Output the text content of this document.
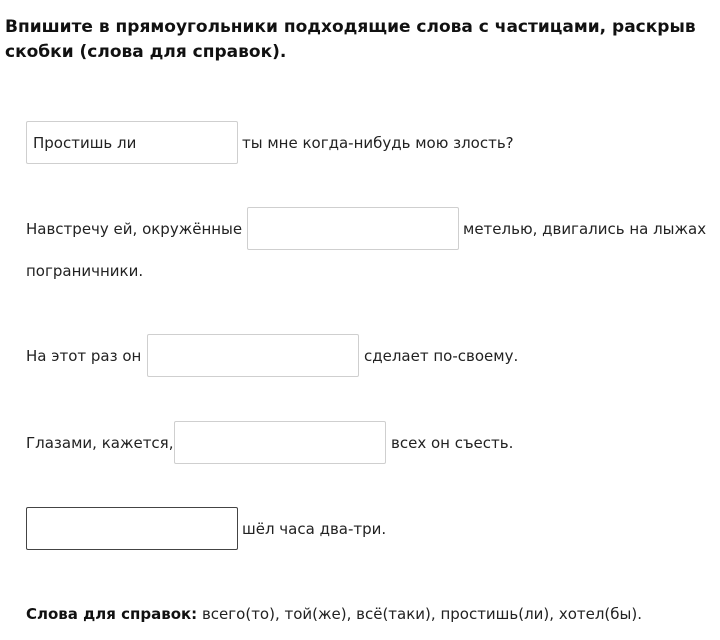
Впишите в прямоугольники подходящие слова с частицами, раскрыв скобки (слова для справок).
Простишь ли
ты мне когда-нибудь мою злость?
Навстречу ей, окружённые	метелью, двигались на лыжах
пограничники.
На этот раз он	сделает по-своему.
Глазами, кажется,	всех он съесть.
шёл часа два-три.
Слова для справок: всего(то), той(же), всё(таки), простишь(ли), хотел(бы).
